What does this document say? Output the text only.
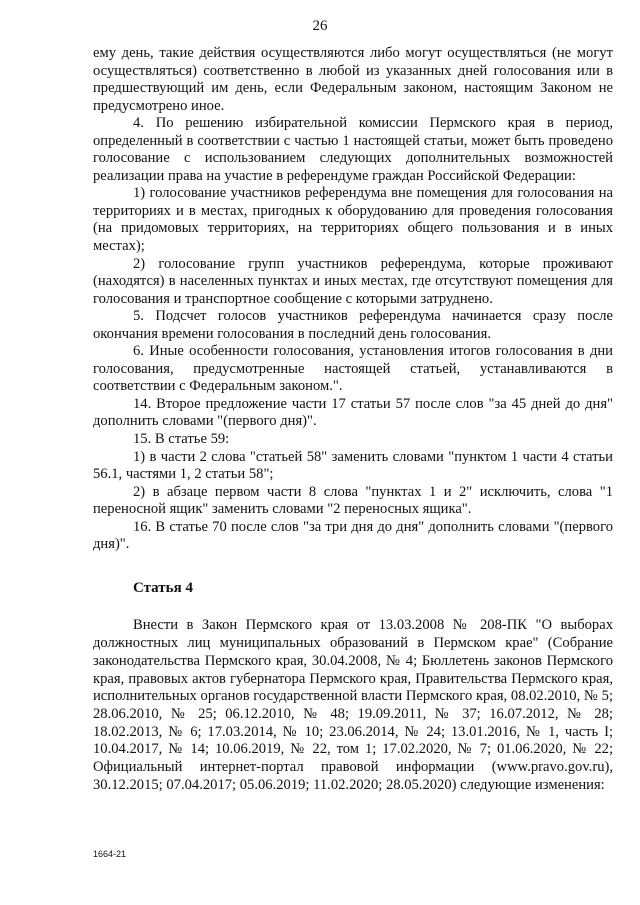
26

ему день, такие действия осуществляются либо могут осуществляться (не могут осуществляться) соответственно в любой из указанных дней голосования или в предшествующий им день, если Федеральным законом, настоящим Законом не предусмотрено иное.

4. По решению избирательной комиссии Пермского края в период, определенный в соответствии с частью 1 настоящей статьи, может быть проведено голосование с использованием следующих дополнительных возможностей реализации права на участие в референдуме граждан Российской Федерации:

1) голосование участников референдума вне помещения для голосования на территориях и в местах, пригодных к оборудованию для проведения голосования (на придомовых территориях, на территориях общего пользования и в иных местах);

2) голосование групп участников референдума, которые проживают (находятся) в населенных пунктах и иных местах, где отсутствуют помещения для голосования и транспортное сообщение с которыми затруднено.

5. Подсчет голосов участников референдума начинается сразу после окончания времени голосования в последний день голосования.

6. Иные особенности голосования, установления итогов голосования в дни голосования, предусмотренные настоящей статьей, устанавливаются в соответствии с Федеральным законом.".

14. Второе предложение части 17 статьи 57 после слов "за 45 дней до дня" дополнить словами "(первого дня)".

15. В статье 59:

1) в части 2 слова "статьей 58" заменить словами "пунктом 1 части 4 статьи 56.1, частями 1, 2 статьи 58";

2) в абзаце первом части 8 слова "пунктах 1 и 2" исключить, слова "1 переносной ящик" заменить словами "2 переносных ящика".

16. В статье 70 после слов "за три дня до дня" дополнить словами "(первого дня)".

Статья 4

Внести в Закон Пермского края от 13.03.2008 № 208-ПК "О выборах должностных лиц муниципальных образований в Пермском крае" (Собрание законодательства Пермского края, 30.04.2008, № 4; Бюллетень законов Пермского края, правовых актов губернатора Пермского края, Правительства Пермского края, исполнительных органов государственной власти Пермского края, 08.02.2010, № 5; 28.06.2010, № 25; 06.12.2010, № 48; 19.09.2011, № 37; 16.07.2012, № 28; 18.02.2013, № 6; 17.03.2014, № 10; 23.06.2014, № 24; 13.01.2016, № 1, часть I; 10.04.2017, № 14; 10.06.2019, № 22, том 1; 17.02.2020, № 7; 01.06.2020, № 22; Официальный интернет-портал правовой информации (www.pravo.gov.ru), 30.12.2015; 07.04.2017; 05.06.2019; 11.02.2020; 28.05.2020) следующие изменения:

1664-21
